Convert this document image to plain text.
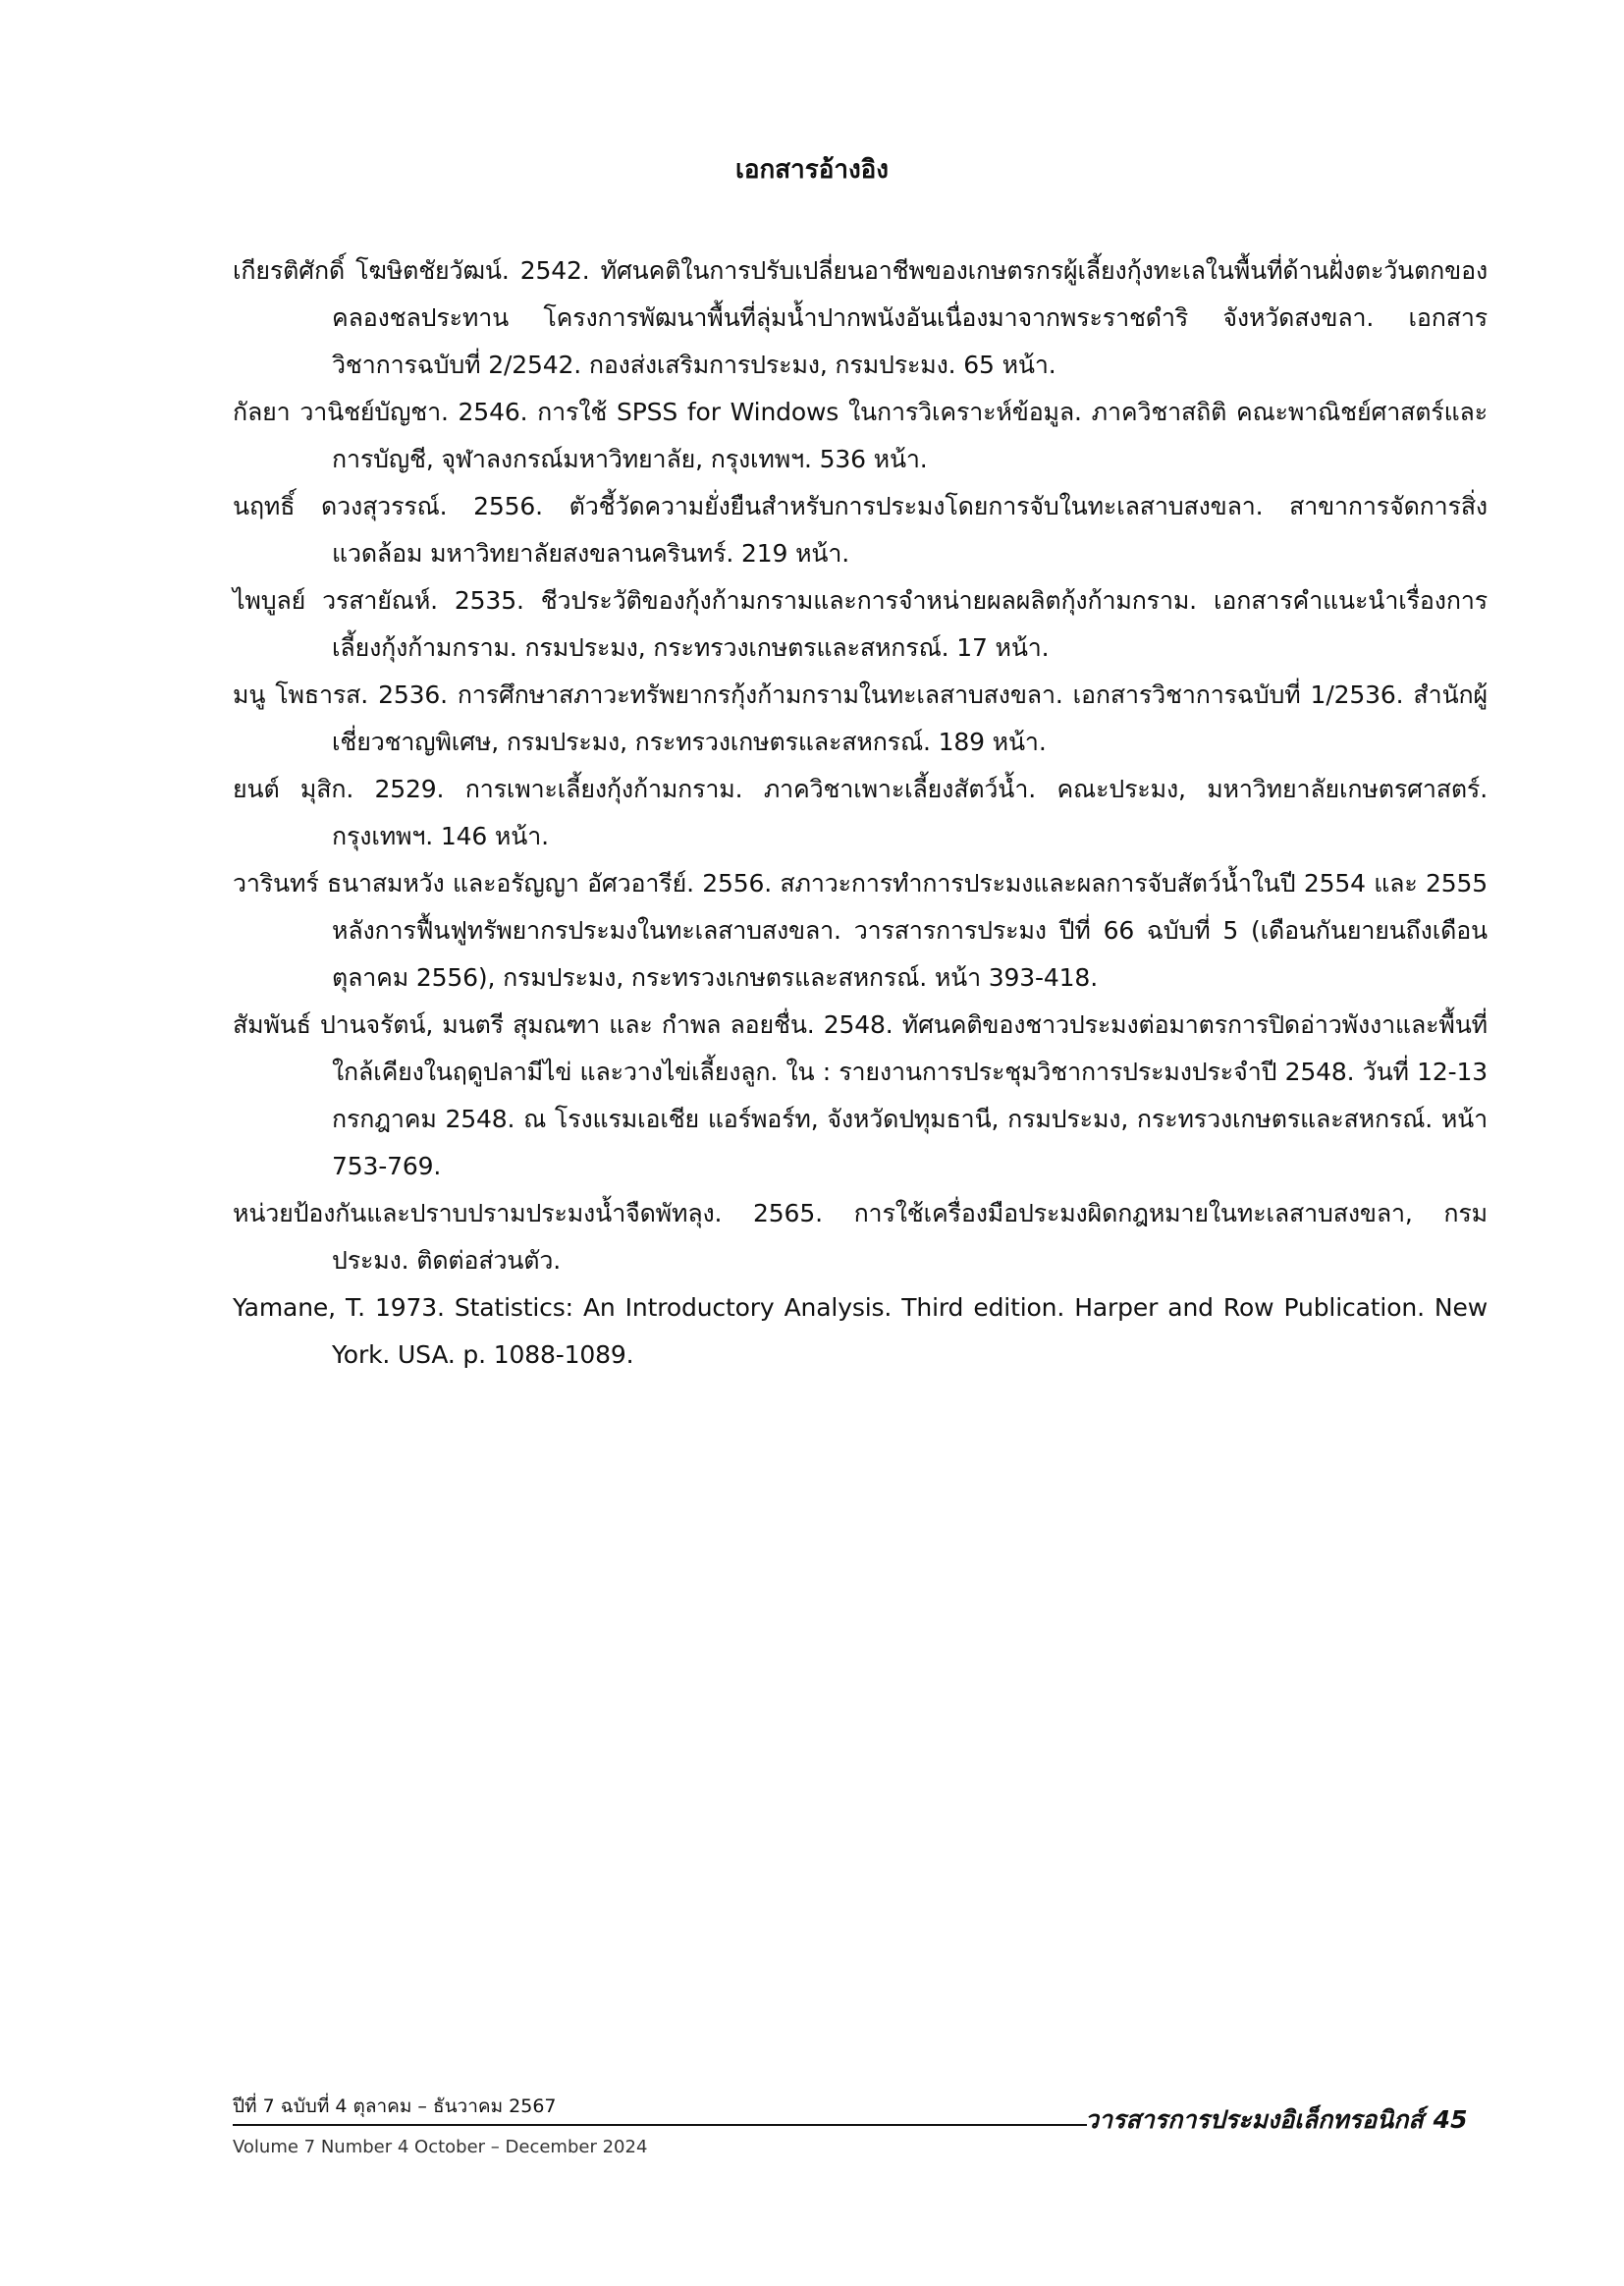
เอกสารอ้างอิง
เกียรติศักดิ์ โฆษิตชัยวัฒน์. 2542. ทัศนคติในการปรับเปลี่ยนอาชีพของเกษตรกรผู้เลี้ยงกุ้งทะเลในพื้นที่ด้านฝั่งตะวันตกของคลองชลประทาน โครงการพัฒนาพื้นที่ลุ่มน้ำปากพนังอันเนื่องมาจากพระราชดำริ จังหวัดสงขลา. เอกสารวิชาการฉบับที่ 2/2542. กองส่งเสริมการประมง, กรมประมง. 65 หน้า.
กัลยา วานิชย์บัญชา. 2546. การใช้ SPSS for Windows ในการวิเคราะห์ข้อมูล. ภาควิชาสถิติ คณะพาณิชย์ศาสตร์และการบัญชี, จุฬาลงกรณ์มหาวิทยาลัย, กรุงเทพฯ. 536 หน้า.
นฤทธิ์ ดวงสุวรรณ์. 2556. ตัวชี้วัดความยั่งยืนสำหรับการประมงโดยการจับในทะเลสาบสงขลา. สาขาการจัดการสิ่งแวดล้อม มหาวิทยาลัยสงขลานครินทร์. 219 หน้า.
ไพบูลย์ วรสายัณห์. 2535. ชีวประวัติของกุ้งก้ามกรามและการจำหน่ายผลผลิตกุ้งก้ามกราม. เอกสารคำแนะนำเรื่องการเลี้ยงกุ้งก้ามกราม. กรมประมง, กระทรวงเกษตรและสหกรณ์. 17 หน้า.
มนู โพธารส. 2536. การศึกษาสภาวะทรัพยากรกุ้งก้ามกรามในทะเลสาบสงขลา. เอกสารวิชาการฉบับที่ 1/2536. สำนักผู้เชี่ยวชาญพิเศษ, กรมประมง, กระทรวงเกษตรและสหกรณ์. 189 หน้า.
ยนต์ มุสิก. 2529. การเพาะเลี้ยงกุ้งก้ามกราม. ภาควิชาเพาะเลี้ยงสัตว์น้ำ. คณะประมง, มหาวิทยาลัยเกษตรศาสตร์. กรุงเทพฯ. 146 หน้า.
วารินทร์ ธนาสมหวัง และอรัญญา อัศวอารีย์. 2556. สภาวะการทำการประมงและผลการจับสัตว์น้ำในปี 2554 และ 2555 หลังการฟื้นฟูทรัพยากรประมงในทะเลสาบสงขลา. วารสารการประมง ปีที่ 66 ฉบับที่ 5 (เดือนกันยายนถึงเดือนตุลาคม 2556), กรมประมง, กระทรวงเกษตรและสหกรณ์. หน้า 393-418.
สัมพันธ์ ปานจรัตน์, มนตรี สุมณฑา และ กำพล ลอยชื่น. 2548. ทัศนคติของชาวประมงต่อมาตรการปิดอ่าวพังงาและพื้นที่ใกล้เคียงในฤดูปลามีไข่ และวางไข่เลี้ยงลูก. ใน : รายงานการประชุมวิชาการประมงประจำปี 2548. วันที่ 12-13 กรกฎาคม 2548. ณ โรงแรมเอเชีย แอร์พอร์ท, จังหวัดปทุมธานี, กรมประมง, กระทรวงเกษตรและสหกรณ์. หน้า 753-769.
หน่วยป้องกันและปราบปรามประมงน้ำจืดพัทลุง. 2565. การใช้เครื่องมือประมงผิดกฎหมายในทะเลสาบสงขลา, กรมประมง. ติดต่อส่วนตัว.
Yamane, T. 1973. Statistics: An Introductory Analysis. Third edition. Harper and Row Publication. New York. USA. p. 1088-1089.
ปีที่ 7 ฉบับที่ 4 ตุลาคม – ธันวาคม 2567
Volume 7 Number 4 October – December 2024
วารสารการประมงอิเล็กทรอนิกส์ 45
